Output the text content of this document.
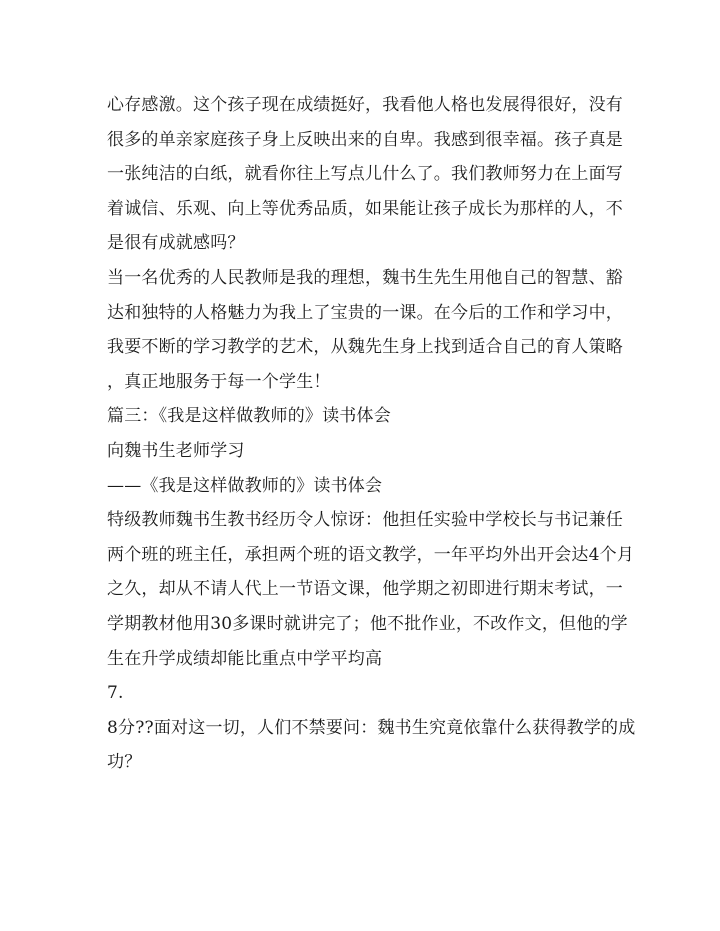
心存感激。这个孩子现在成绩挺好，我看他人格也发展得很好，没有
很多的单亲家庭孩子身上反映出来的自卑。我感到很幸福。孩子真是
一张纯洁的白纸，就看你往上写点儿什么了。我们教师努力在上面写
着诚信、乐观、向上等优秀品质，如果能让孩子成长为那样的人，不
是很有成就感吗？
当一名优秀的人民教师是我的理想，魏书生先生用他自己的智慧、豁
达和独特的人格魅力为我上了宝贵的一课。在今后的工作和学习中，
我要不断的学习教学的艺术，从魏先生身上找到适合自己的育人策略
，真正地服务于每一个学生！
篇三：《我是这样做教师的》读书体会
向魏书生老师学习
——《我是这样做教师的》读书体会
特级教师魏书生教书经历令人惊讶：他担任实验中学校长与书记兼任
两个班的班主任，承担两个班的语文教学，一年平均外出开会达4个月
之久，却从不请人代上一节语文课，他学期之初即进行期末考试，一
学期教材他用30多课时就讲完了；他不批作业，不改作文，但他的学
生在升学成绩却能比重点中学平均高
7.
8分??面对这一切，人们不禁要问：魏书生究竟依靠什么获得教学的成
功？
